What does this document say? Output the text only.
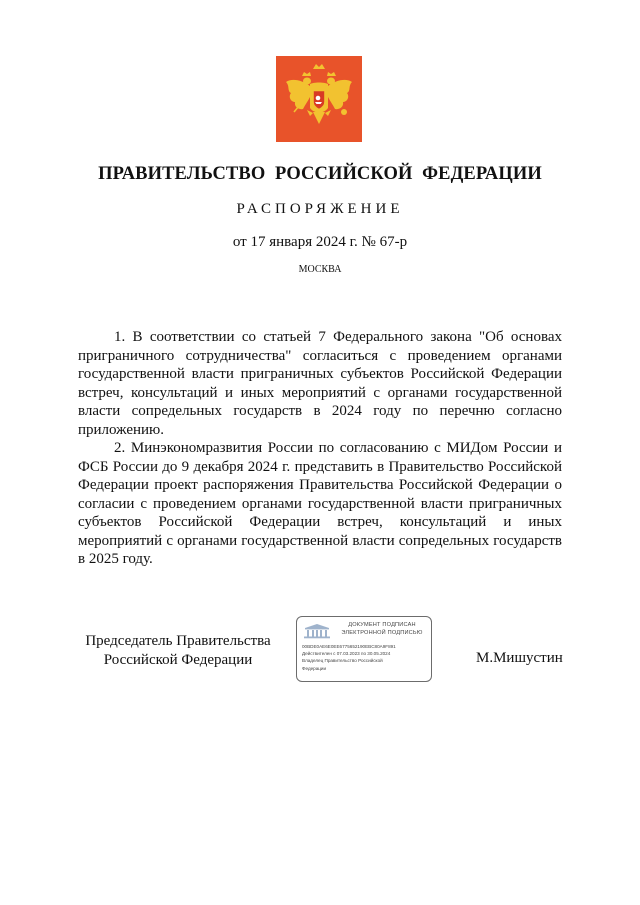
ПРАВИТЕЛЬСТВО РОССИЙСКОЙ ФЕДЕРАЦИИ
РАСПОРЯЖЕНИЕ
от 17 января 2024 г. № 67-р
МОСКВА

1. В соответствии со статьей 7 Федерального закона "Об основах приграничного сотрудничества" согласиться с проведением органами государственной власти приграничных субъектов Российской Федерации встреч, консультаций и иных мероприятий с органами государственной власти сопредельных государств в 2024 году по перечню согласно приложению.

2. Минэкономразвития России по согласованию с МИДом России и ФСБ России до 9 декабря 2024 г. представить в Правительство Российской Федерации проект распоряжения Правительства Российской Федерации о согласии с проведением органами государственной власти приграничных субъектов Российской Федерации встреч, консультаций и иных мероприятий с органами государственной власти сопредельных государств в 2025 году.

Председатель Правительства
Российской Федерации
ДОКУМЕНТ ПОДПИСАН
ЭЛЕКТРОННОЙ ПОДПИСЬЮ
00BDE0AE6E0EE6775652190EBC80A9F891
Действителен с 07.03.2023 по 30.05.2024
Владелец Правительство Российской
Федерации
М.Мишустин
